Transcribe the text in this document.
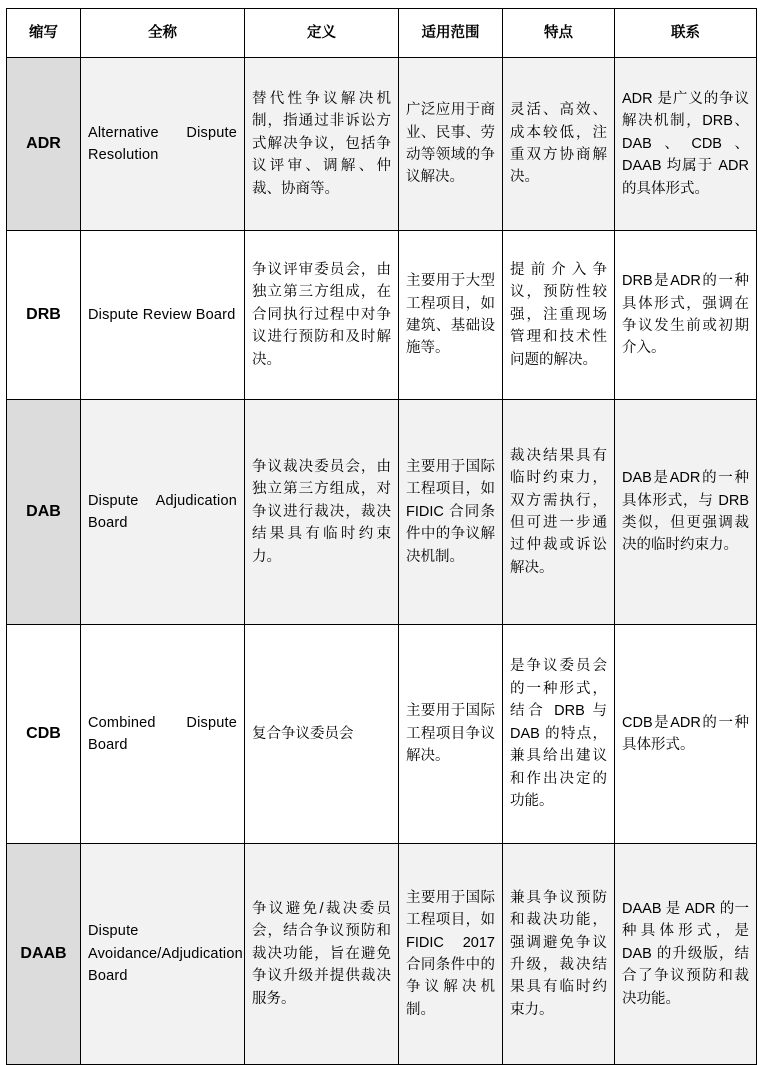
缩写	全称	定义	适用范围	特点	联系
ADR	Alternative Dispute Resolution	替代性争议解决机制，指通过非诉讼方式解决争议，包括争议评审、调解、仲裁、协商等。	广泛应用于商业、民事、劳动等领域的争议解决。	灵活、高效、成本较低，注重双方协商解决。	ADR 是广义的争议解决机制，DRB、DAB、CDB、DAAB 均属于 ADR 的具体形式。
DRB	Dispute Review Board	争议评审委员会，由独立第三方组成，在合同执行过程中对争议进行预防和及时解决。	主要用于大型工程项目，如建筑、基础设施等。	提前介入争议，预防性较强，注重现场管理和技术性问题的解决。	DRB是ADR的一种具体形式，强调在争议发生前或初期介入。
DAB	Dispute Adjudication Board	争议裁决委员会，由独立第三方组成，对争议进行裁决，裁决结果具有临时约束力。	主要用于国际工程项目，如 FIDIC 合同条件中的争议解决机制。	裁决结果具有临时约束力，双方需执行，但可进一步通过仲裁或诉讼解决。	DAB是ADR的一种具体形式，与 DRB 类似，但更强调裁决的临时约束力。
CDB	Combined Dispute Board	复合争议委员会	主要用于国际工程项目争议解决。	是争议委员会的一种形式，结合 DRB 与 DAB 的特点，兼具给出建议和作出决定的功能。	CDB是ADR的一种具体形式。
DAAB	Dispute Avoidance/Adjudication Board	争议避免/裁决委员会，结合争议预防和裁决功能，旨在避免争议升级并提供裁决服务。	主要用于国际工程项目，如 FIDIC 2017 合同条件中的争议解决机制。	兼具争议预防和裁决功能，强调避免争议升级，裁决结果具有临时约束力。	DAAB 是 ADR 的一种具体形式，是 DAB 的升级版，结合了争议预防和裁决功能。
